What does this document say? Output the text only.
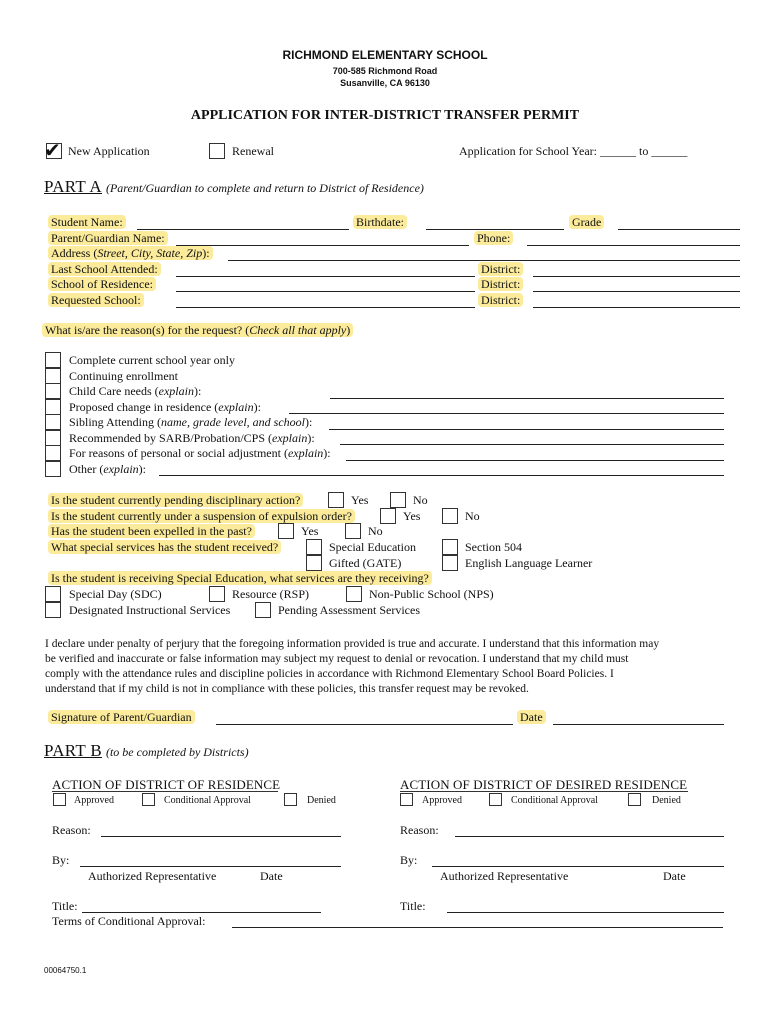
RICHMOND ELEMENTARY SCHOOL
700-585 Richmond Road
Susanville, CA 96130
APPLICATION FOR INTER-DISTRICT TRANSFER PERMIT
✔ New Application	Renewal	Application for School Year: ______ to ______
PART A (Parent/Guardian to complete and return to District of Residence)
Student Name:	Birthdate:	Grade
Parent/Guardian Name:	Phone:
Address (Street, City, State, Zip):
Last School Attended:	District:
School of Residence:	District:
Requested School:	District:
What is/are the reason(s) for the request? (Check all that apply)
Complete current school year only
Continuing enrollment
Child Care needs (explain):
Proposed change in residence (explain):
Sibling Attending (name, grade level, and school):
Recommended by SARB/Probation/CPS (explain):
For reasons of personal or social adjustment (explain):
Other (explain):
Is the student currently pending disciplinary action?	Yes	No
Is the student currently under a suspension of expulsion order?	Yes	No
Has the student been expelled in the past?	Yes	No
What special services has the student received?	Special Education	Section 504
Gifted (GATE)	English Language Learner
Is the student is receiving Special Education, what services are they receiving?
Special Day (SDC)	Resource (RSP)	Non-Public School (NPS)
Designated Instructional Services	Pending Assessment Services
I declare under penalty of perjury that the foregoing information provided is true and accurate. I understand that this information may
be verified and inaccurate or false information may subject my request to denial or revocation. I understand that my child must
comply with the attendance rules and discipline policies in accordance with Richmond Elementary School Board Policies. I
understand that if my child is not in compliance with these policies, this transfer request may be revoked.
Signature of Parent/Guardian	Date
PART B (to be completed by Districts)
ACTION OF DISTRICT OF RESIDENCE
Approved	Conditional Approval	Denied
Reason:
By:
Authorized Representative	Date
Title:
Terms of Conditional Approval:
ACTION OF DISTRICT OF DESIRED RESIDENCE
Approved	Conditional Approval	Denied
Reason:
By:
Authorized Representative	Date
Title:
00064750.1
